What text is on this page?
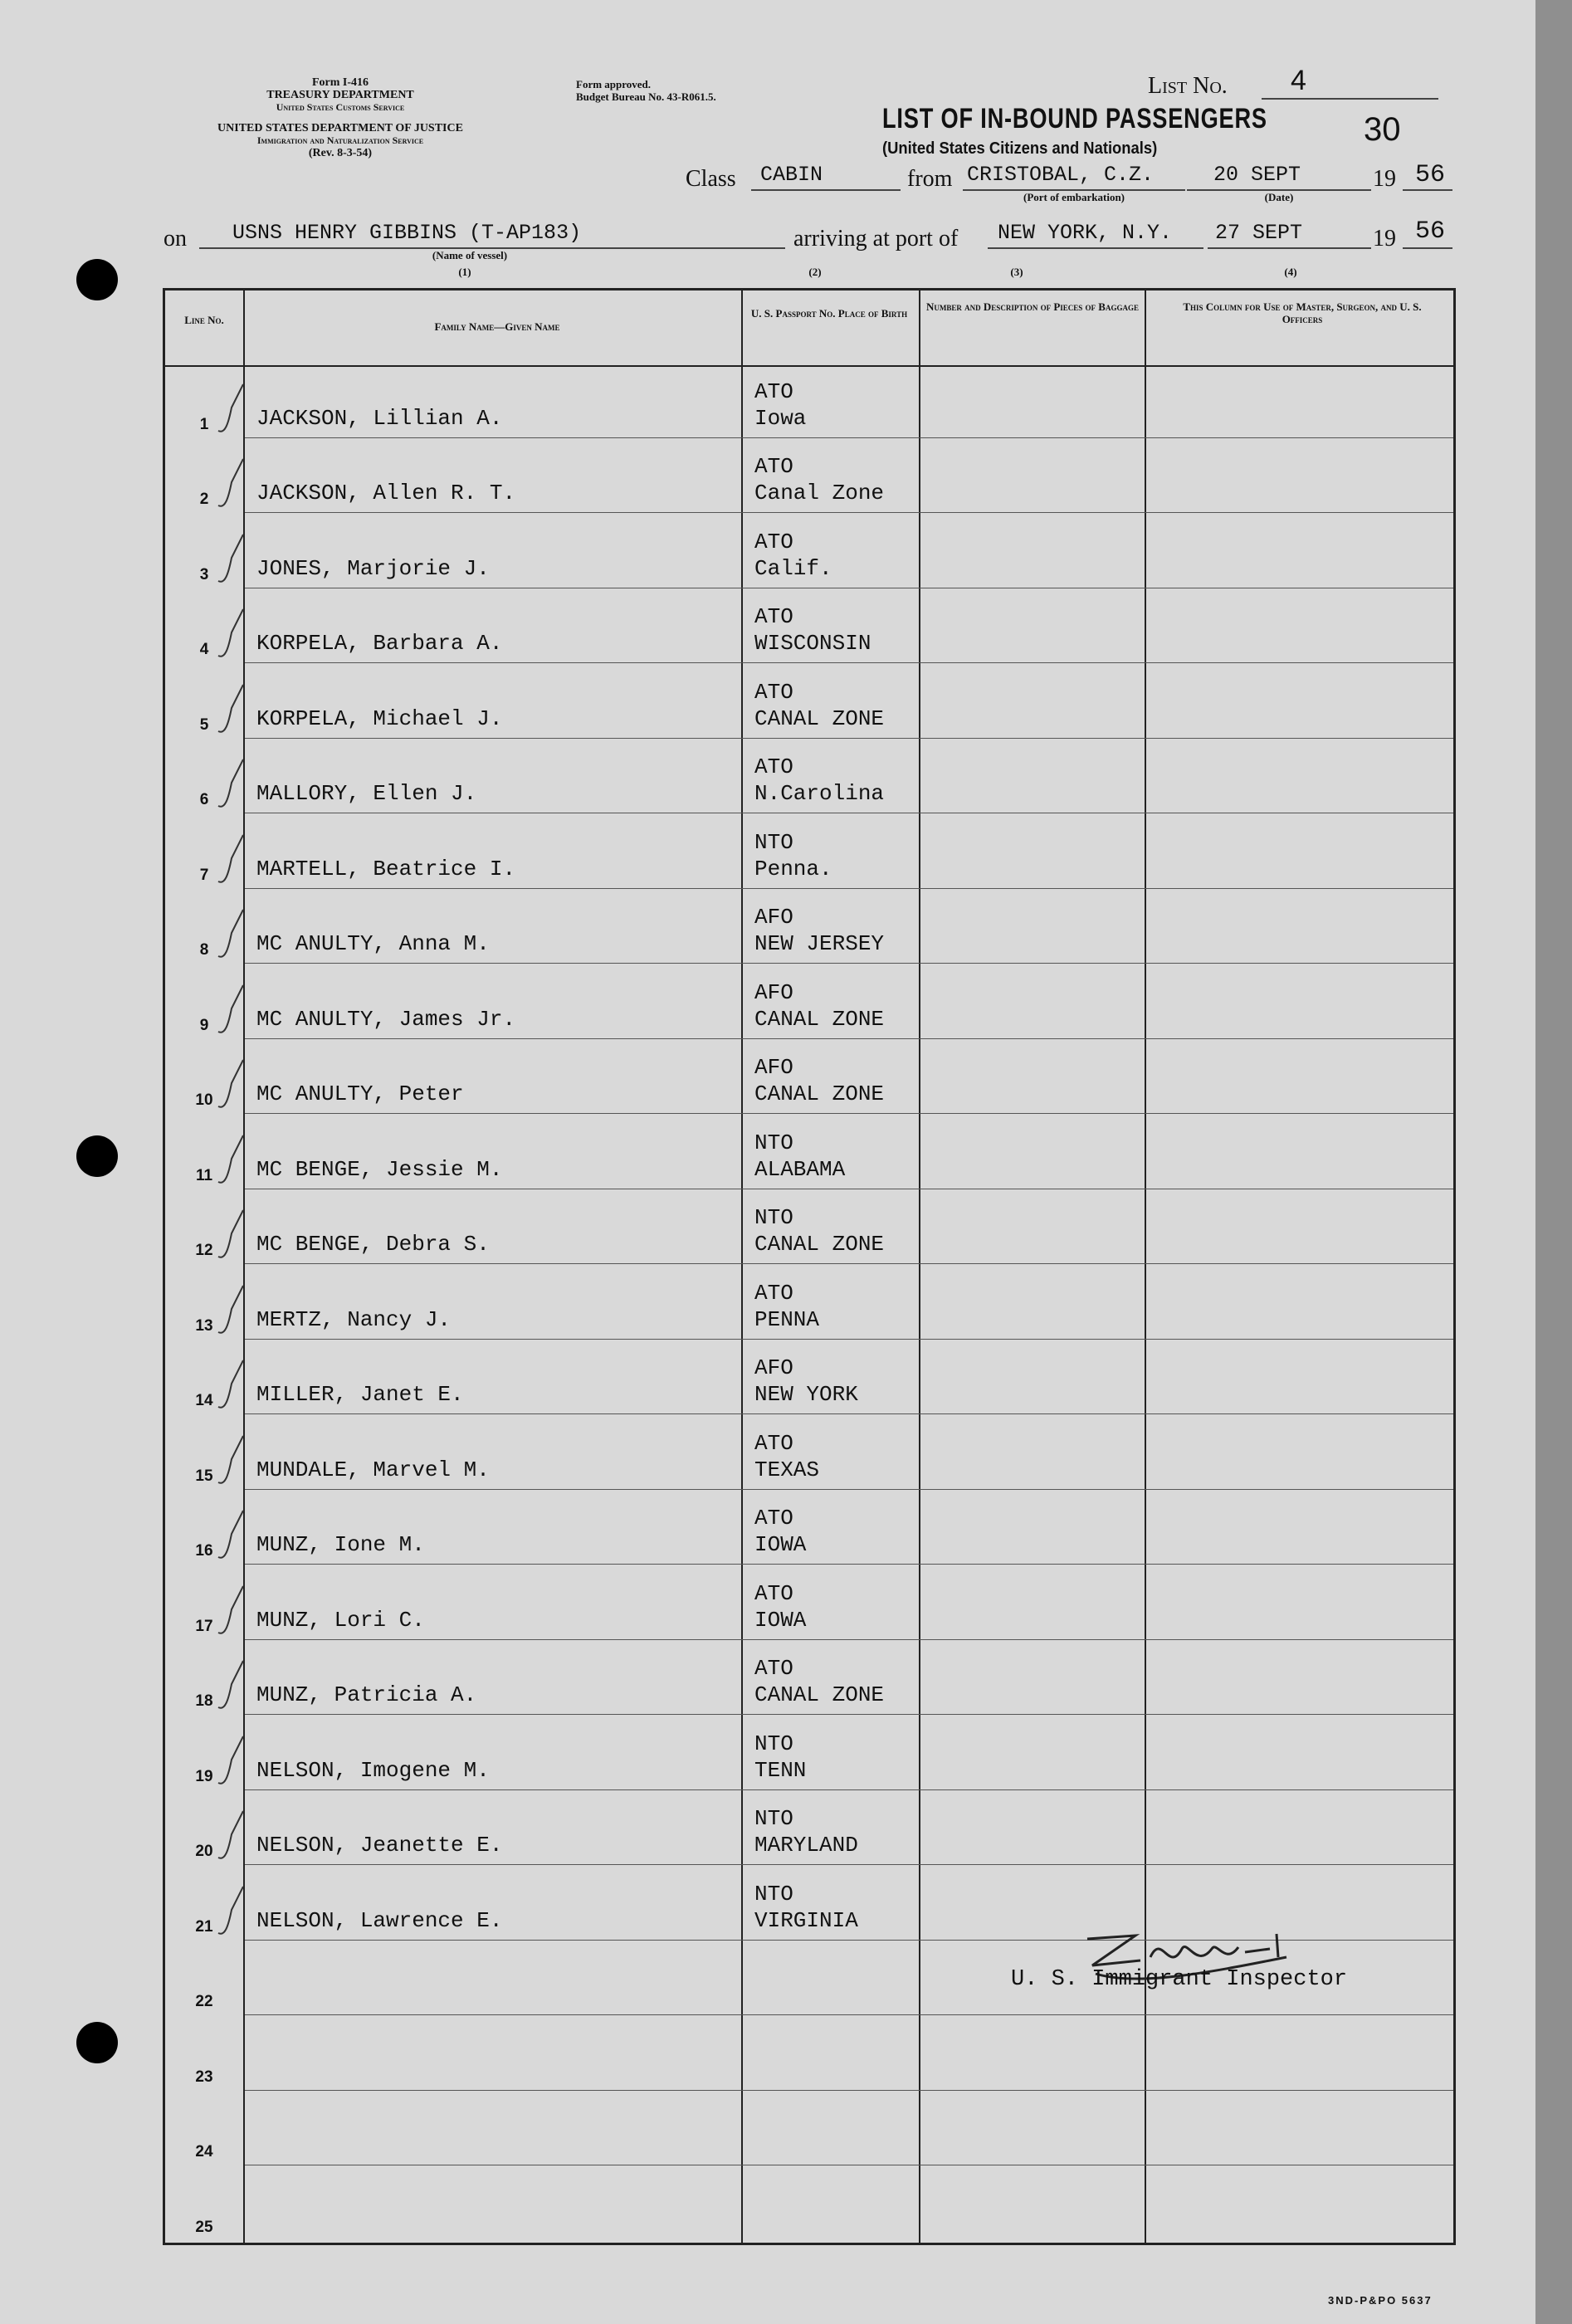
Form I-416
TREASURY DEPARTMENT
United States Customs Service
UNITED STATES DEPARTMENT OF JUSTICE
Immigration and Naturalization Service
(Rev. 8-3-54)
Form approved.
Budget Bureau No. 43-R061.5.	List No. 4
30
LIST OF IN-BOUND PASSENGERS
(United States Citizens and Nationals)
Class CABIN	from CRISTOBAL, C.Z.
(Port of embarkation)
20 SEPT
(Date)
19 56
on USNS HENRY GIBBINS (T-AP183)
(Name of vessel)
arriving at port of NEW YORK, N.Y. 27 SEPT	19 56
(1)	(2)	(3)	(4)
Line No.
Family Name—Given Name
U. S. Passport No. Place of Birth
Number and Description of Pieces of Baggage	This Column for Use of Master, Surgeon, and U. S. Officers
1	JACKSON, Lillian A.
ATO
Iowa
2	JACKSON, Allen R. T.
ATO
Canal Zone
3	JONES, Marjorie J.
ATO
Calif.
4	KORPELA, Barbara A.
ATO
WISCONSIN
5	KORPELA, Michael J.
ATO
CANAL ZONE
6	MALLORY, Ellen J.
ATO
N.Carolina
7	MARTELL, Beatrice I.
NTO
Penna.
8	MC ANULTY, Anna M.
AFO
NEW JERSEY
9	MC ANULTY, James Jr.
AFO
CANAL ZONE
10	MC ANULTY, Peter
AFO
CANAL ZONE
11	MC BENGE, Jessie M.
NTO
ALABAMA
12	MC BENGE, Debra S.
NTO
CANAL ZONE
13	MERTZ, Nancy J.
ATO
PENNA
14	MILLER, Janet E.
AFO
NEW YORK
15	MUNDALE, Marvel M.
ATO
TEXAS
16	MUNZ, Ione M.
ATO
IOWA
17	MUNZ, Lori C.
ATO
IOWA
18	MUNZ, Patricia A.
ATO
CANAL ZONE
19	NELSON, Imogene M.
NTO
TENN
20	NELSON, Jeanette E.
NTO
MARYLAND
21	NELSON, Lawrence E.
NTO
VIRGINIA
22
23
24
25
U. S. Immigrant Inspector
3ND-P&PO 5637
